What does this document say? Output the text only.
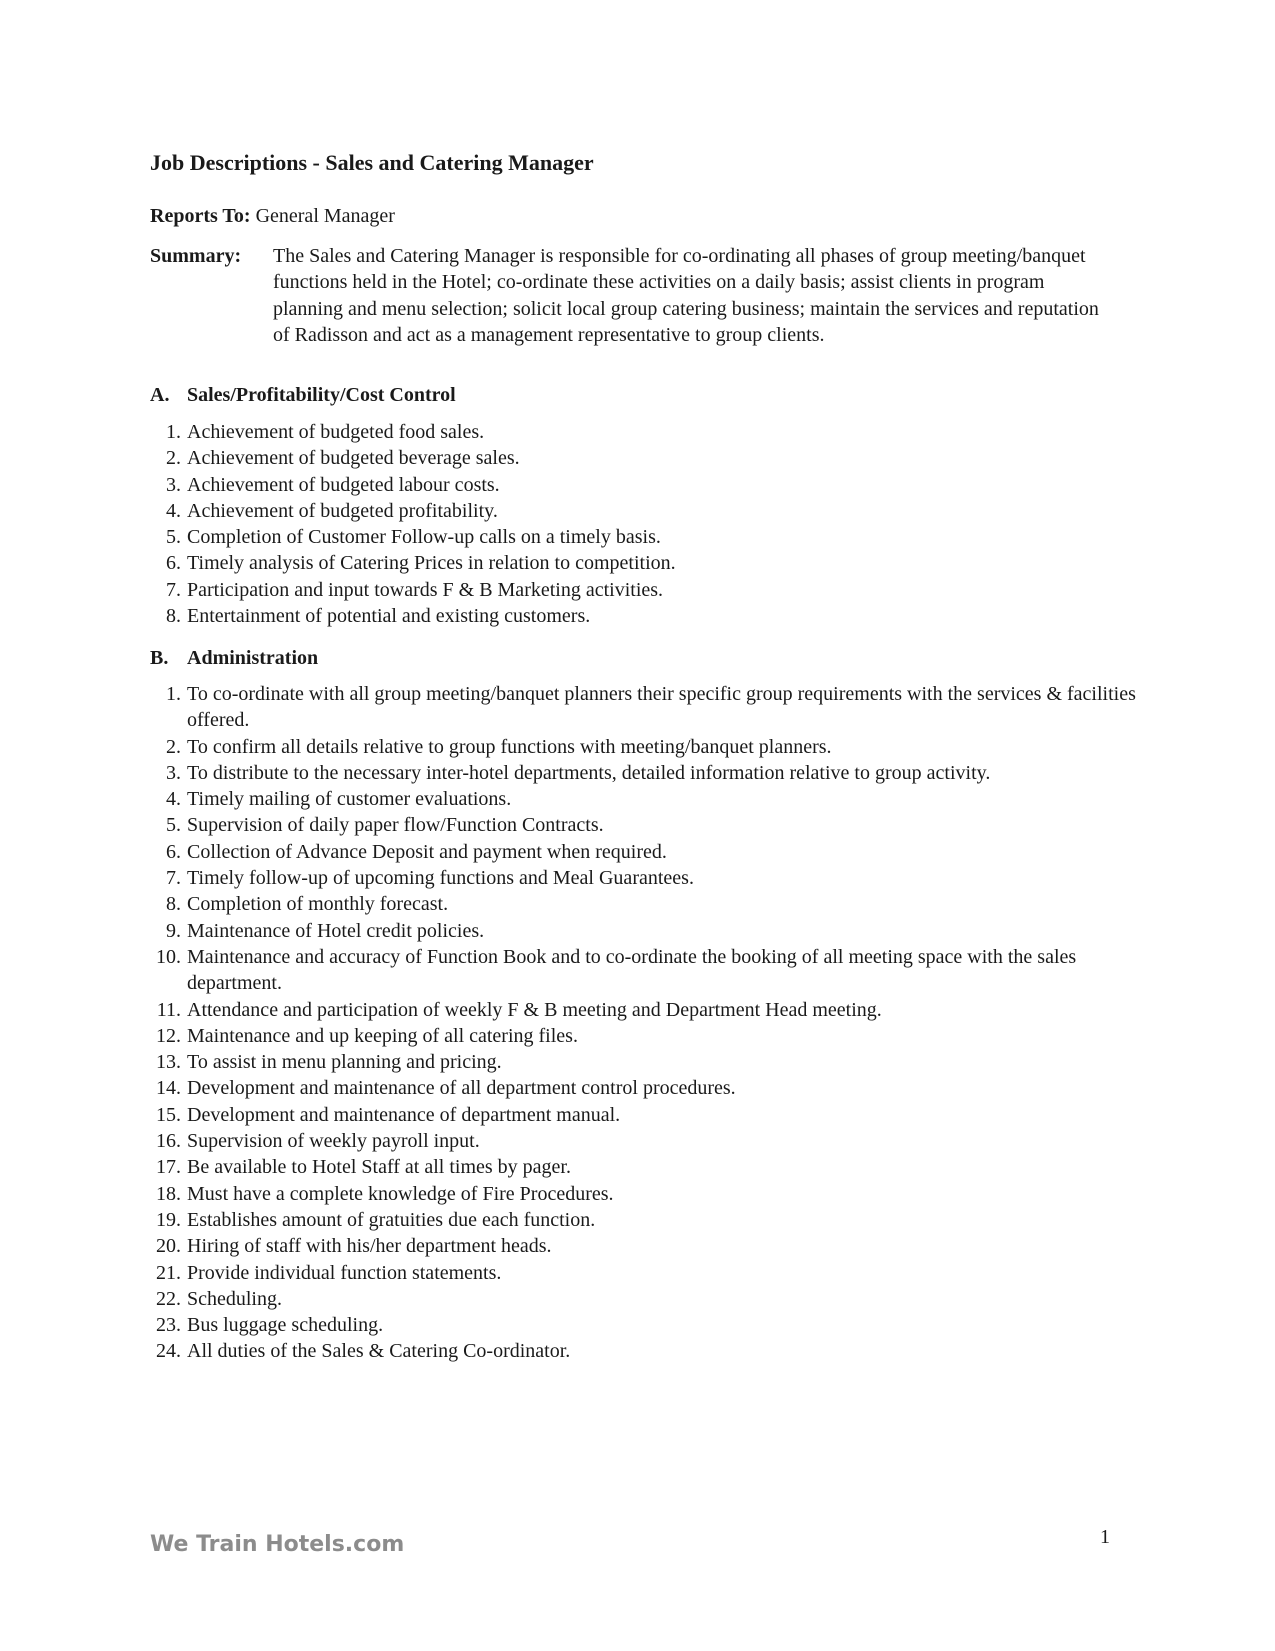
Job Descriptions - Sales and Catering Manager
Reports To: General Manager
Summary: The Sales and Catering Manager is responsible for co-ordinating all phases of group meeting/banquet functions held in the Hotel; co-ordinate these activities on a daily basis; assist clients in program planning and menu selection; solicit local group catering business; maintain the services and reputation of Radisson and act as a management representative to group clients.
A. Sales/Profitability/Cost Control
1. Achievement of budgeted food sales.
2. Achievement of budgeted beverage sales.
3. Achievement of budgeted labour costs.
4. Achievement of budgeted profitability.
5. Completion of Customer Follow-up calls on a timely basis.
6. Timely analysis of Catering Prices in relation to competition.
7. Participation and input towards F & B Marketing activities.
8. Entertainment of potential and existing customers.
B. Administration
1. To co-ordinate with all group meeting/banquet planners their specific group requirements with the services & facilities offered.
2. To confirm all details relative to group functions with meeting/banquet planners.
3. To distribute to the necessary inter-hotel departments, detailed information relative to group activity.
4. Timely mailing of customer evaluations.
5. Supervision of daily paper flow/Function Contracts.
6. Collection of Advance Deposit and payment when required.
7. Timely follow-up of upcoming functions and Meal Guarantees.
8. Completion of monthly forecast.
9. Maintenance of Hotel credit policies.
10. Maintenance and accuracy of Function Book and to co-ordinate the booking of all meeting space with the sales department.
11. Attendance and participation of weekly F & B meeting and Department Head meeting.
12. Maintenance and up keeping of all catering files.
13. To assist in menu planning and pricing.
14. Development and maintenance of all department control procedures.
15. Development and maintenance of department manual.
16. Supervision of weekly payroll input.
17. Be available to Hotel Staff at all times by pager.
18. Must have a complete knowledge of Fire Procedures.
19. Establishes amount of gratuities due each function.
20. Hiring of staff with his/her department heads.
21. Provide individual function statements.
22. Scheduling.
23. Bus luggage scheduling.
24. All duties of the Sales & Catering Co-ordinator.
We Train Hotels.com	1
